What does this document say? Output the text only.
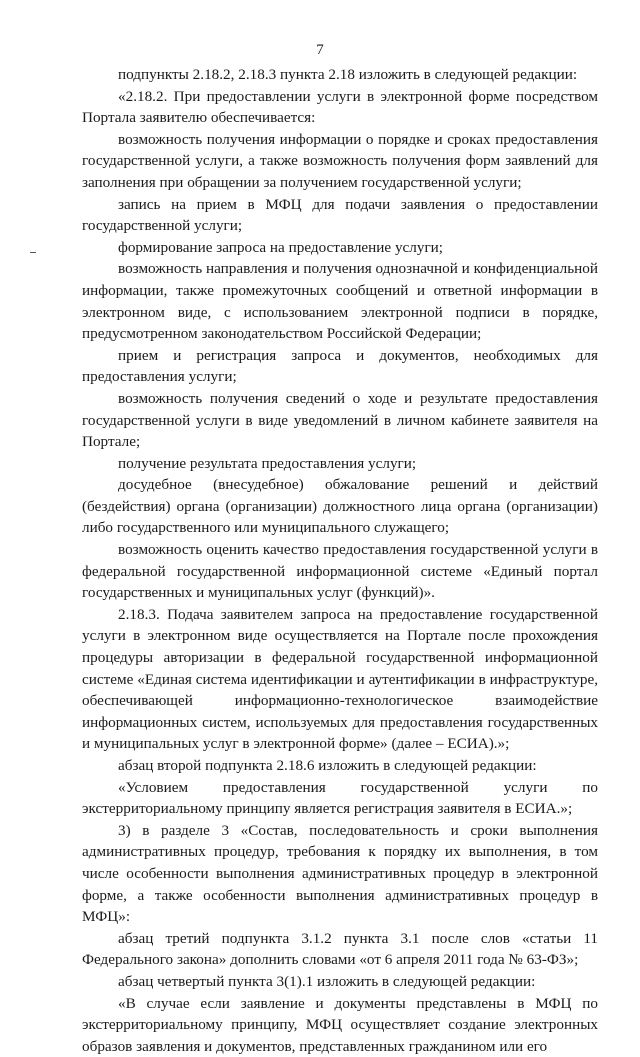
7

подпункты 2.18.2, 2.18.3 пункта 2.18 изложить в следующей редакции:

«2.18.2. При предоставлении услуги в электронной форме посредством Портала заявителю обеспечивается:

возможность получения информации о порядке и сроках предоставления государственной услуги, а также возможность получения форм заявлений для заполнения при обращении за получением государственной услуги;

запись на прием в МФЦ для подачи заявления о предоставлении государственной услуги;

формирование запроса на предоставление услуги;

возможность направления и получения однозначной и конфиденциальной информации, также промежуточных сообщений и ответной информации в электронном виде, с использованием электронной подписи в порядке, предусмотренном законодательством Российской Федерации;

прием и регистрация запроса и документов, необходимых для предоставления услуги;

возможность получения сведений о ходе и результате предоставления государственной услуги в виде уведомлений в личном кабинете заявителя на Портале;

получение результата предоставления услуги;

досудебное (внесудебное) обжалование решений и действий (бездействия) органа (организации) должностного лица органа (организации) либо государственного или муниципального служащего;

возможность оценить качество предоставления государственной услуги в федеральной государственной информационной системе «Единый портал государственных и муниципальных услуг (функций)».

2.18.3. Подача заявителем запроса на предоставление государственной услуги в электронном виде осуществляется на Портале после прохождения процедуры авторизации в федеральной государственной информационной системе «Единая система идентификации и аутентификации в инфраструктуре, обеспечивающей информационно-технологическое взаимодействие информационных систем, используемых для предоставления государственных и муниципальных услуг в электронной форме» (далее – ЕСИА).»;

абзац второй подпункта 2.18.6 изложить в следующей редакции:

«Условием предоставления государственной услуги по экстерриториальному принципу является регистрация заявителя в ЕСИА.»;

3) в разделе 3 «Состав, последовательность и сроки выполнения административных процедур, требования к порядку их выполнения, в том числе особенности выполнения административных процедур в электронной форме, а также особенности выполнения административных процедур в МФЦ»:

абзац третий подпункта 3.1.2 пункта 3.1 после слов «статьи 11 Федерального закона» дополнить словами «от 6 апреля 2011 года № 63-ФЗ»;

абзац четвертый пункта 3(1).1 изложить в следующей редакции:

«В случае если заявление и документы представлены в МФЦ по экстерриториальному принципу, МФЦ осуществляет создание электронных образов заявления и документов, представленных гражданином или его
